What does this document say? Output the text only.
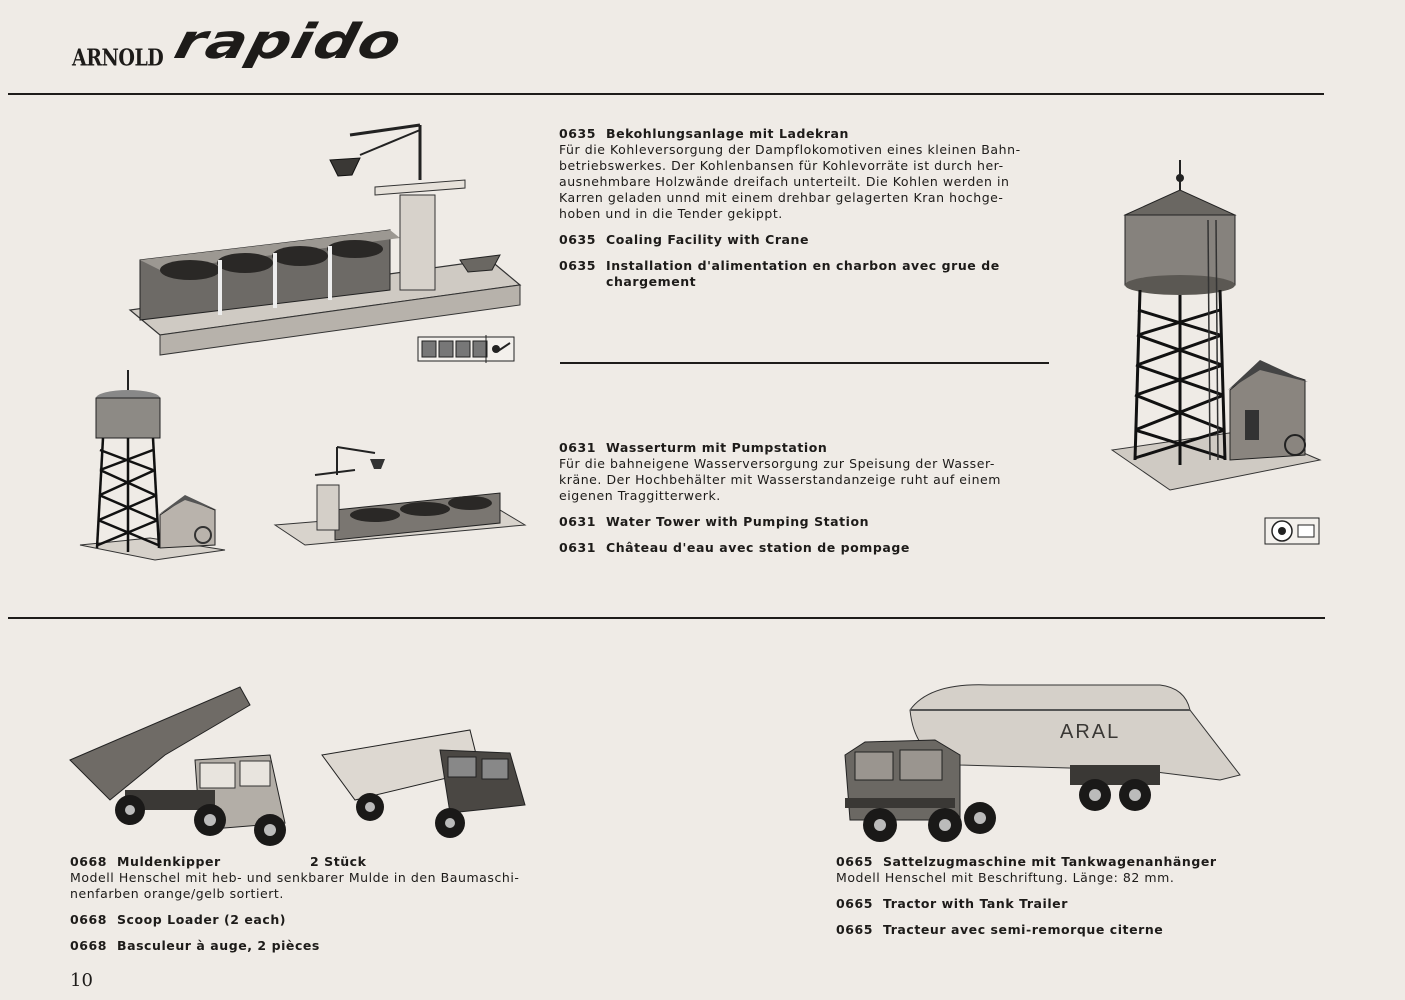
ARNOLD rapido
ARAL
0635 Bekohlungsanlage mit Ladekran

Für die Kohleversorgung der Dampflokomotiven eines kleinen Bahn-

betriebswerkes. Der Kohlenbansen für Kohlevorräte ist durch her-

ausnehmbare Holzwände dreifach unterteilt. Die Kohlen werden in

Karren geladen unnd mit einem drehbar gelagerten Kran hochge-

hoben und in die Tender gekippt.

0635 Coaling Facility with Crane
0635 Installation d'alimentation en charbon avec grue de
chargement
0631 Wasserturm mit Pumpstation

Für die bahneigene Wasserversorgung zur Speisung der Wasser-

kräne. Der Hochbehälter mit Wasserstandanzeige ruht auf einem

eigenen Traggitterwerk.

0631 Water Tower with Pumping Station
0631 Château d'eau avec station de pompage
0668 Muldenkipper	2 Stück

Modell Henschel mit heb- und senkbarer Mulde in den Baumaschi-

nenfarben orange/gelb sortiert.

0668 Scoop Loader (2 each)
0668 Basculeur à auge, 2 pièces
0665 Sattelzugmaschine mit Tankwagenanhänger

Modell Henschel mit Beschriftung. Länge: 82 mm.

0665 Tractor with Tank Trailer
0665 Tracteur avec semi-remorque citerne
10
